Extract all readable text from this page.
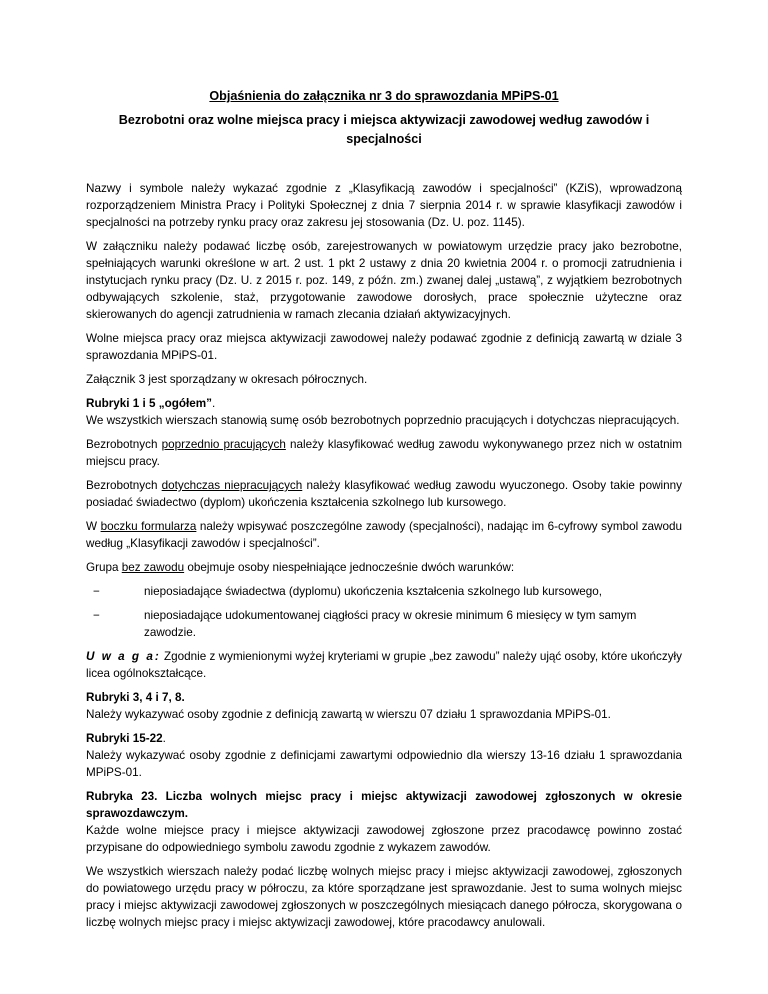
Objaśnienia do załącznika nr 3 do sprawozdania MPiPS-01
Bezrobotni oraz wolne miejsca pracy i miejsca aktywizacji zawodowej według zawodów i specjalności

Nazwy i symbole należy wykazać zgodnie z „Klasyfikacją zawodów i specjalności” (KZiS), wprowadzoną rozporządzeniem Ministra Pracy i Polityki Społecznej z dnia 7 sierpnia 2014 r. w sprawie klasyfikacji zawodów i specjalności na potrzeby rynku pracy oraz zakresu jej stosowania (Dz. U. poz. 1145).

W załączniku należy podawać liczbę osób, zarejestrowanych w powiatowym urzędzie pracy jako bezrobotne, spełniających warunki określone w art. 2 ust. 1 pkt 2 ustawy z dnia 20 kwietnia 2004 r. o promocji zatrudnienia i instytucjach rynku pracy (Dz. U. z 2015 r. poz. 149, z późn. zm.) zwanej dalej „ustawą”, z wyjątkiem bezrobotnych odbywających szkolenie, staż, przygotowanie zawodowe dorosłych, prace społecznie użyteczne oraz skierowanych do agencji zatrudnienia w ramach zlecania działań aktywizacyjnych.

Wolne miejsca pracy oraz miejsca aktywizacji zawodowej należy podawać zgodnie z definicją zawartą w dziale 3 sprawozdania MPiPS-01.

Załącznik 3 jest sporządzany w okresach półrocznych.

Rubryki 1 i 5 „ogółem”.

We wszystkich wierszach stanowią sumę osób bezrobotnych poprzednio pracujących i dotychczas niepracujących.

Bezrobotnych poprzednio pracujących należy klasyfikować według zawodu wykonywanego przez nich w ostatnim miejscu pracy.

Bezrobotnych dotychczas niepracujących należy klasyfikować według zawodu wyuczonego. Osoby takie powinny posiadać świadectwo (dyplom) ukończenia kształcenia szkolnego lub kursowego.

W boczku formularza należy wpisywać poszczególne zawody (specjalności), nadając im 6-cyfrowy symbol zawodu według „Klasyfikacji zawodów i specjalności”.

Grupa bez zawodu obejmuje osoby niespełniające jednocześnie dwóch warunków:

−	nieposiadające świadectwa (dyplomu) ukończenia kształcenia szkolnego lub kursowego,
−	nieposiadające udokumentowanej ciągłości pracy w okresie minimum 6 miesięcy w tym samym zawodzie.

U w a g a: Zgodnie z wymienionymi wyżej kryteriami w grupie „bez zawodu” należy ująć osoby, które ukończyły licea ogólnokształcące.

Rubryki 3, 4 i 7, 8.

Należy wykazywać osoby zgodnie z definicją zawartą w wierszu 07 działu 1 sprawozdania MPiPS-01.

Rubryki 15-22.

Należy wykazywać osoby zgodnie z definicjami zawartymi odpowiednio dla wierszy 13-16 działu 1 sprawozdania MPiPS-01.

Rubryka 23. Liczba wolnych miejsc pracy i miejsc aktywizacji zawodowej zgłoszonych w okresie sprawozdawczym.

Każde wolne miejsce pracy i miejsce aktywizacji zawodowej zgłoszone przez pracodawcę powinno zostać przypisane do odpowiedniego symbolu zawodu zgodnie z wykazem zawodów.

We wszystkich wierszach należy podać liczbę wolnych miejsc pracy i miejsc aktywizacji zawodowej, zgłoszonych do powiatowego urzędu pracy w półroczu, za które sporządzane jest sprawozdanie. Jest to suma wolnych miejsc pracy i miejsc aktywizacji zawodowej zgłoszonych w poszczególnych miesiącach danego półrocza, skorygowana o liczbę wolnych miejsc pracy i miejsc aktywizacji zawodowej, które pracodawcy anulowali.
